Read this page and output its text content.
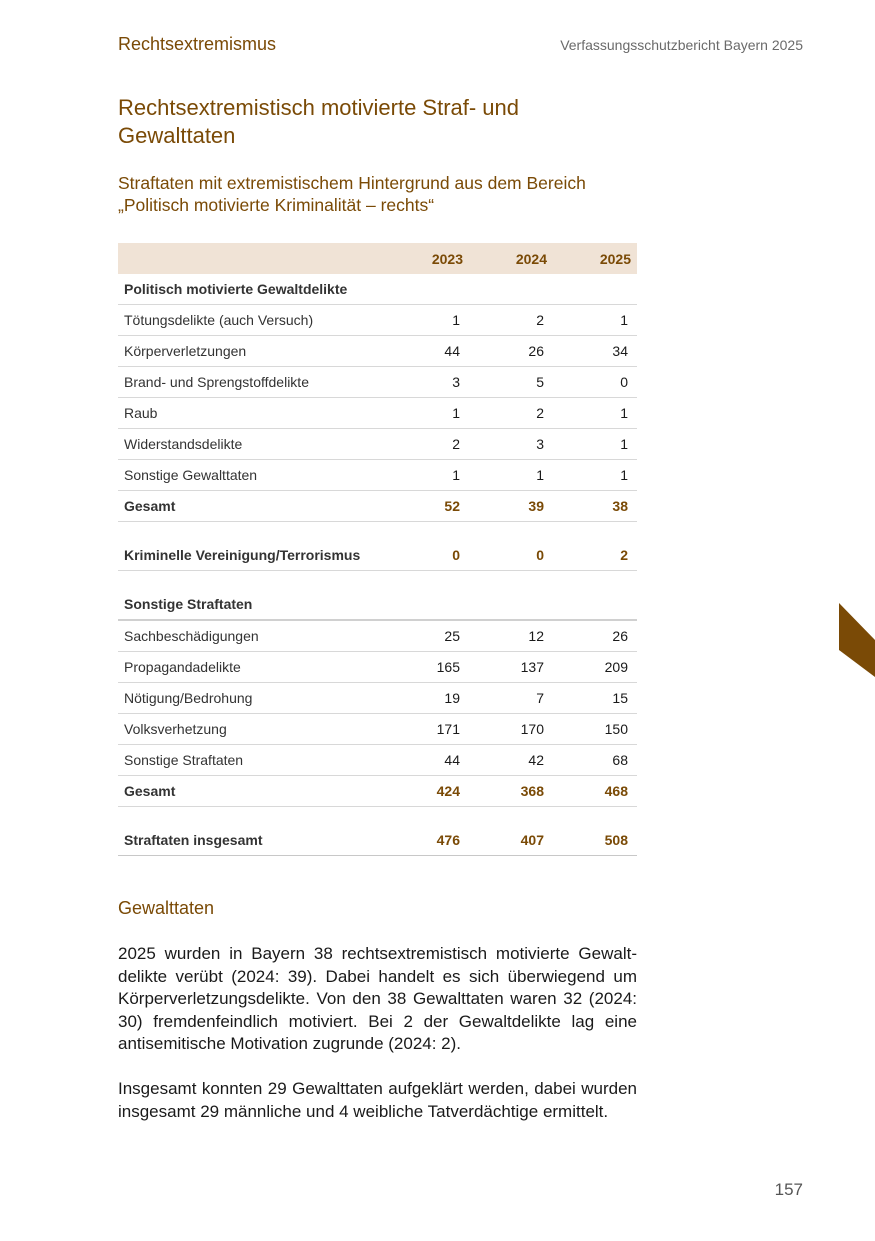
Rechtsextremismus	Verfassungsschutzbericht Bayern 2025
Rechtsextremistisch motivierte Straf- und Gewalttaten
Straftaten mit extremistischem Hintergrund aus dem Bereich „Politisch motivierte Kriminalität – rechts“
	2023	2024	2025
Politisch motivierte Gewaltdelikte			
Tötungsdelikte (auch Versuch)	1	2	1
Körperverletzungen	44	26	34
Brand- und Sprengstoffdelikte	3	5	0
Raub	1	2	1
Widerstandsdelikte	2	3	1
Sonstige Gewalttaten	1	1	1
Gesamt	52	39	38

Kriminelle Vereinigung/Terrorismus	0	0	2

Sonstige Straftaten			
Sachbeschädigungen	25	12	26
Propagandadelikte	165	137	209
Nötigung/Bedrohung	19	7	15
Volksverhetzung	171	170	150
Sonstige Straftaten	44	42	68
Gesamt	424	368	468

Straftaten insgesamt	476	407	508
Gewalttaten

2025 wurden in Bayern 38 rechtsextremistisch motivierte Gewaltdelikte verübt (2024: 39). Dabei handelt es sich überwiegend um Körperverletzungsdelikte. Von den 38 Gewalttaten waren 32 (2024: 30) fremdenfeindlich motiviert. Bei 2 der Gewaltdelikte lag eine antisemitische Motivation zugrunde (2024: 2).

Insgesamt konnten 29 Gewalttaten aufgeklärt werden, dabei wurden insgesamt 29 männliche und 4 weibliche Tatverdächtige ermittelt.

157
